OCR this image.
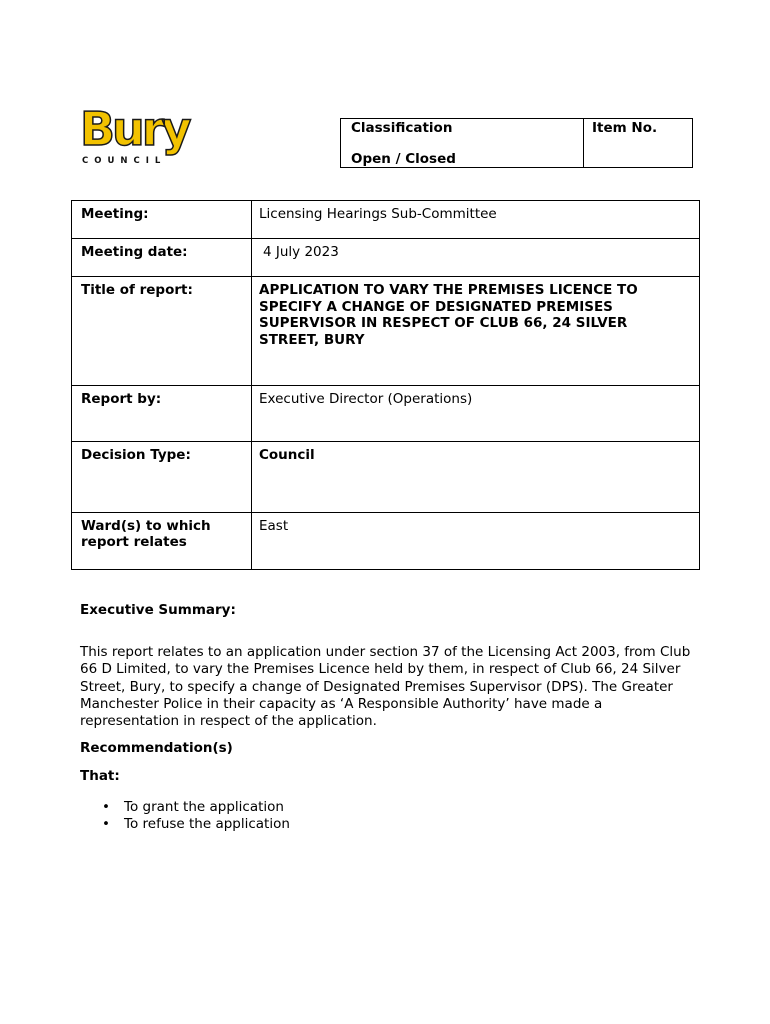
Bury
COUNCIL
Classification
Open / Closed

Item No.
Meeting:	Licensing Hearings Sub-Committee
Meeting date:	4 July 2023
Title of report:	APPLICATION TO VARY THE PREMISES LICENCE TO SPECIFY A CHANGE OF DESIGNATED PREMISES SUPERVISOR IN RESPECT OF CLUB 66, 24 SILVER STREET, BURY
Report by:	Executive Director (Operations)
Decision Type:	Council
Ward(s) to which report relates	East
Executive Summary:
This report relates to an application under section 37 of the Licensing Act 2003, from Club 66 D Limited, to vary the Premises Licence held by them, in respect of Club 66, 24 Silver Street, Bury, to specify a change of Designated Premises Supervisor (DPS). The Greater Manchester Police in their capacity as ‘A Responsible Authority’ have made a representation in respect of the application.
Recommendation(s)
That:
• To grant the application
• To refuse the application
